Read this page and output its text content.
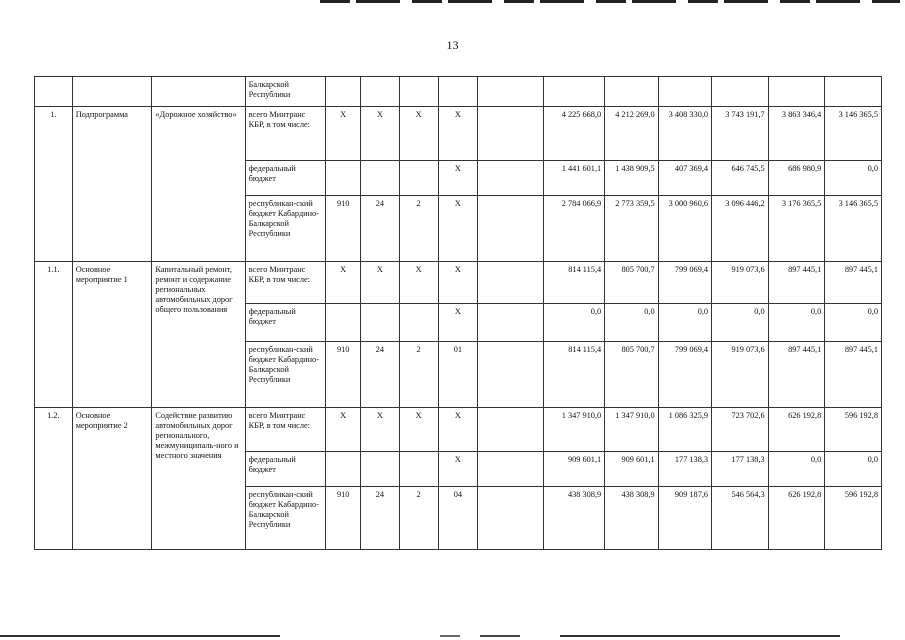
13
			Балкарской Республики											
1.	Подпрограмма	«Дорожное хозяйство»	всего Минтранс КБР, в том числе:	X	X	X	X		4 225 668,0	4 212 269,0	3 408 330,0	3 743 191,7	3 863 346,4	3 146 365,5
			федеральный бюджет				X		1 441 601,1	1 438 909,5	407 369,4	646 745,5	686 980,9	0,0
			республикан-ский бюджет Кабардино-Балкарской Республики	910	24	2	X		2 784 066,9	2 773 359,5	3 000 960,6	3 096 446,2	3 176 365,5	3 146 365,5
1.1.	Основное мероприятие 1	Капитальный ремонт, ремонт и содержание региональных автомобильных дорог общего пользования	всего Минтранс КБР, в том числе:	X	X	X	X		814 115,4	805 700,7	799 069,4	919 073,6	897 445,1	897 445,1
			федеральный бюджет				X		0,0	0,0	0,0	0,0	0,0	0,0
			республикан-ский бюджет Кабардино-Балкарской Республики	910	24	2	01		814 115,4	805 700,7	799 069,4	919 073,6	897 445,1	897 445,1
1.2.	Основное мероприятие 2	Содействие развитию автомобильных дорог регионального, межмуниципаль-ного и местного значения	всего Минтранс КБР, в том числе:	X	X	X	X		1 347 910,0	1 347 910,0	1 086 325,9	723 702,6	626 192,8	596 192,8
			федеральный бюджет				X		909 601,1	909 601,1	177 138,3	177 138,3	0,0	0,0
			республикан-ский бюджет Кабардино-Балкарской Республики	910	24	2	04		438 308,9	438 308,9	909 187,6	546 564,3	626 192,8	596 192,8
